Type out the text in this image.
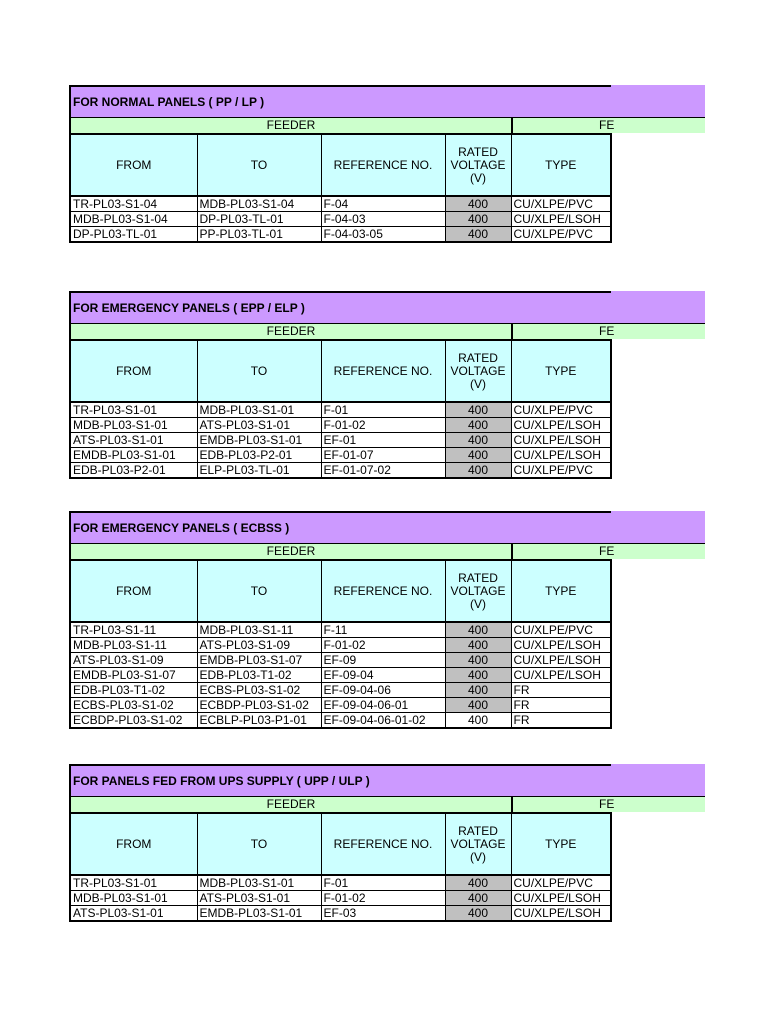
FOR NORMAL PANELS ( PP / LP )
FEEDER	FE
FROM	TO	REFERENCE NO.	RATED VOLTAGE (V)	TYPE
TR-PL03-S1-04	MDB-PL03-S1-04	F-04	400	CU/XLPE/PVC
MDB-PL03-S1-04	DP-PL03-TL-01	F-04-03	400	CU/XLPE/LSOH
DP-PL03-TL-01	PP-PL03-TL-01	F-04-03-05	400	CU/XLPE/PVC
FOR EMERGENCY PANELS ( EPP / ELP )
FEEDER	FE
FROM	TO	REFERENCE NO.	RATED VOLTAGE (V)	TYPE
TR-PL03-S1-01	MDB-PL03-S1-01	F-01	400	CU/XLPE/PVC
MDB-PL03-S1-01	ATS-PL03-S1-01	F-01-02	400	CU/XLPE/LSOH
ATS-PL03-S1-01	EMDB-PL03-S1-01	EF-01	400	CU/XLPE/LSOH
EMDB-PL03-S1-01	EDB-PL03-P2-01	EF-01-07	400	CU/XLPE/LSOH
EDB-PL03-P2-01	ELP-PL03-TL-01	EF-01-07-02	400	CU/XLPE/PVC
FOR EMERGENCY PANELS ( ECBSS )
FEEDER	FE
FROM	TO	REFERENCE NO.	RATED VOLTAGE (V)	TYPE
TR-PL03-S1-11	MDB-PL03-S1-11	F-11	400	CU/XLPE/PVC
MDB-PL03-S1-11	ATS-PL03-S1-09	F-01-02	400	CU/XLPE/LSOH
ATS-PL03-S1-09	EMDB-PL03-S1-07	EF-09	400	CU/XLPE/LSOH
EMDB-PL03-S1-07	EDB-PL03-T1-02	EF-09-04	400	CU/XLPE/LSOH
EDB-PL03-T1-02	ECBS-PL03-S1-02	EF-09-04-06	400	FR
ECBS-PL03-S1-02	ECBDP-PL03-S1-02	EF-09-04-06-01	400	FR
ECBDP-PL03-S1-02	ECBLP-PL03-P1-01	EF-09-04-06-01-02	400	FR
FOR PANELS FED FROM UPS SUPPLY ( UPP / ULP )
FEEDER	FE
FROM	TO	REFERENCE NO.	RATED VOLTAGE (V)	TYPE
TR-PL03-S1-01	MDB-PL03-S1-01	F-01	400	CU/XLPE/PVC
MDB-PL03-S1-01	ATS-PL03-S1-01	F-01-02	400	CU/XLPE/LSOH
ATS-PL03-S1-01	EMDB-PL03-S1-01	EF-03	400	CU/XLPE/LSOH
